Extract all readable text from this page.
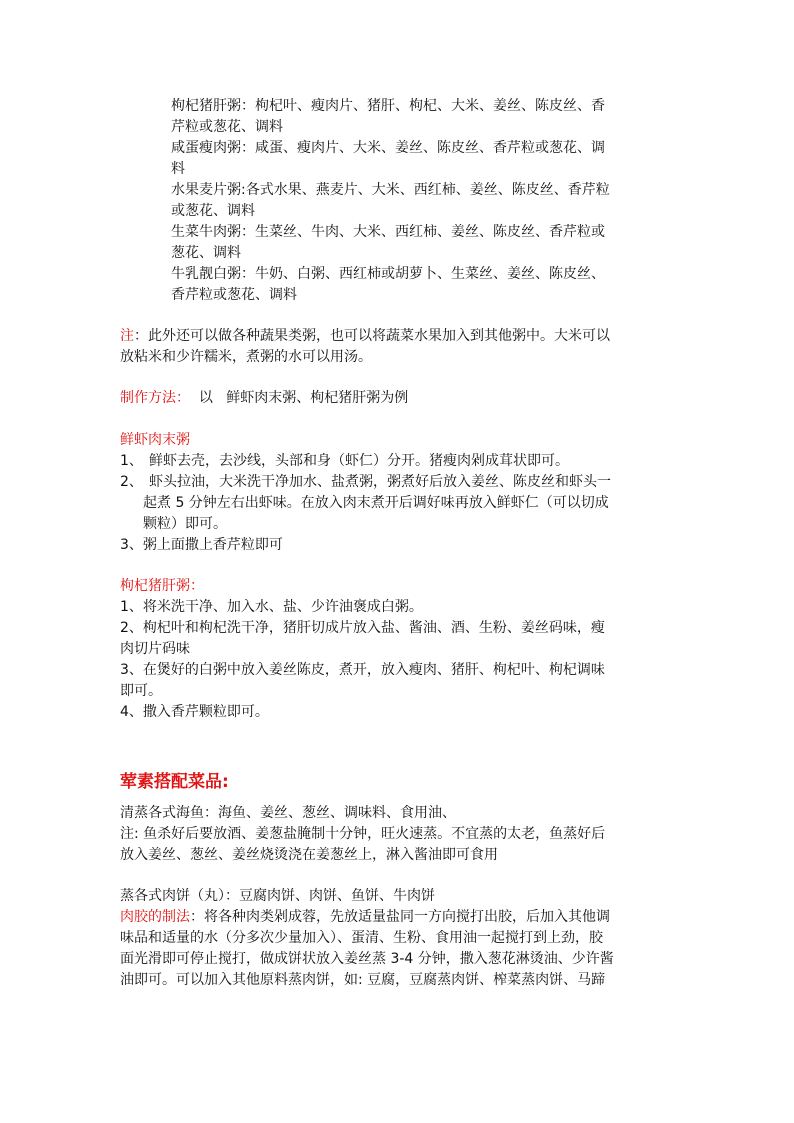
枸杞猪肝粥：枸杞叶、瘦肉片、猪肝、枸杞、大米、姜丝、陈皮丝、香
芹粒或葱花、调料
咸蛋瘦肉粥：咸蛋、瘦肉片、大米、姜丝、陈皮丝、香芹粒或葱花、调
料
水果麦片粥:各式水果、燕麦片、大米、西红柿、姜丝、陈皮丝、香芹粒
或葱花、调料
生菜牛肉粥：生菜丝、牛肉、大米、西红柿、姜丝、陈皮丝、香芹粒或
葱花、调料
牛乳靓白粥：牛奶、白粥、西红柿或胡萝卜、生菜丝、姜丝、陈皮丝、
香芹粒或葱花、调料
注：此外还可以做各种蔬果类粥，也可以将蔬菜水果加入到其他粥中。大米可以
放粘米和少许糯米，煮粥的水可以用汤。
制作方法：  以   鲜虾肉末粥、枸杞猪肝粥为例
鲜虾肉末粥
1、 鲜虾去壳，去沙线，头部和身（虾仁）分开。猪瘦肉剁成茸状即可。
2、 虾头拉油，大米洗干净加水、盐煮粥，粥煮好后放入姜丝、陈皮丝和虾头一
起煮 5 分钟左右出虾味。在放入肉末煮开后调好味再放入鲜虾仁（可以切成
颗粒）即可。
3、粥上面撒上香芹粒即可
枸杞猪肝粥：
1、将米洗干净、加入水、盐、少许油褒成白粥。
2、枸杞叶和枸杞洗干净，猪肝切成片放入盐、酱油、酒、生粉、姜丝码味，瘦
肉切片码味
3、在煲好的白粥中放入姜丝陈皮，煮开，放入瘦肉、猪肝、枸杞叶、枸杞调味
即可。
4、撒入香芹颗粒即可。
荤素搭配菜品:
清蒸各式海鱼：海鱼、姜丝、葱丝、调味料、食用油、
注: 鱼杀好后要放酒、姜葱盐腌制十分钟，旺火速蒸。不宜蒸的太老，鱼蒸好后
放入姜丝、葱丝、姜丝烧烫浇在姜葱丝上，淋入酱油即可食用
蒸各式肉饼（丸）：豆腐肉饼、肉饼、鱼饼、牛肉饼
肉胶的制法：将各种肉类剁成蓉，先放适量盐同一方向搅打出胶，后加入其他调
味品和适量的水（分多次少量加入）、蛋清、生粉、食用油一起搅打到上劲，胶
面光滑即可停止搅打，做成饼状放入姜丝蒸 3-4 分钟，撒入葱花淋烫油、少许酱
油即可。可以加入其他原料蒸肉饼，如: 豆腐，豆腐蒸肉饼、榨菜蒸肉饼、马蹄
